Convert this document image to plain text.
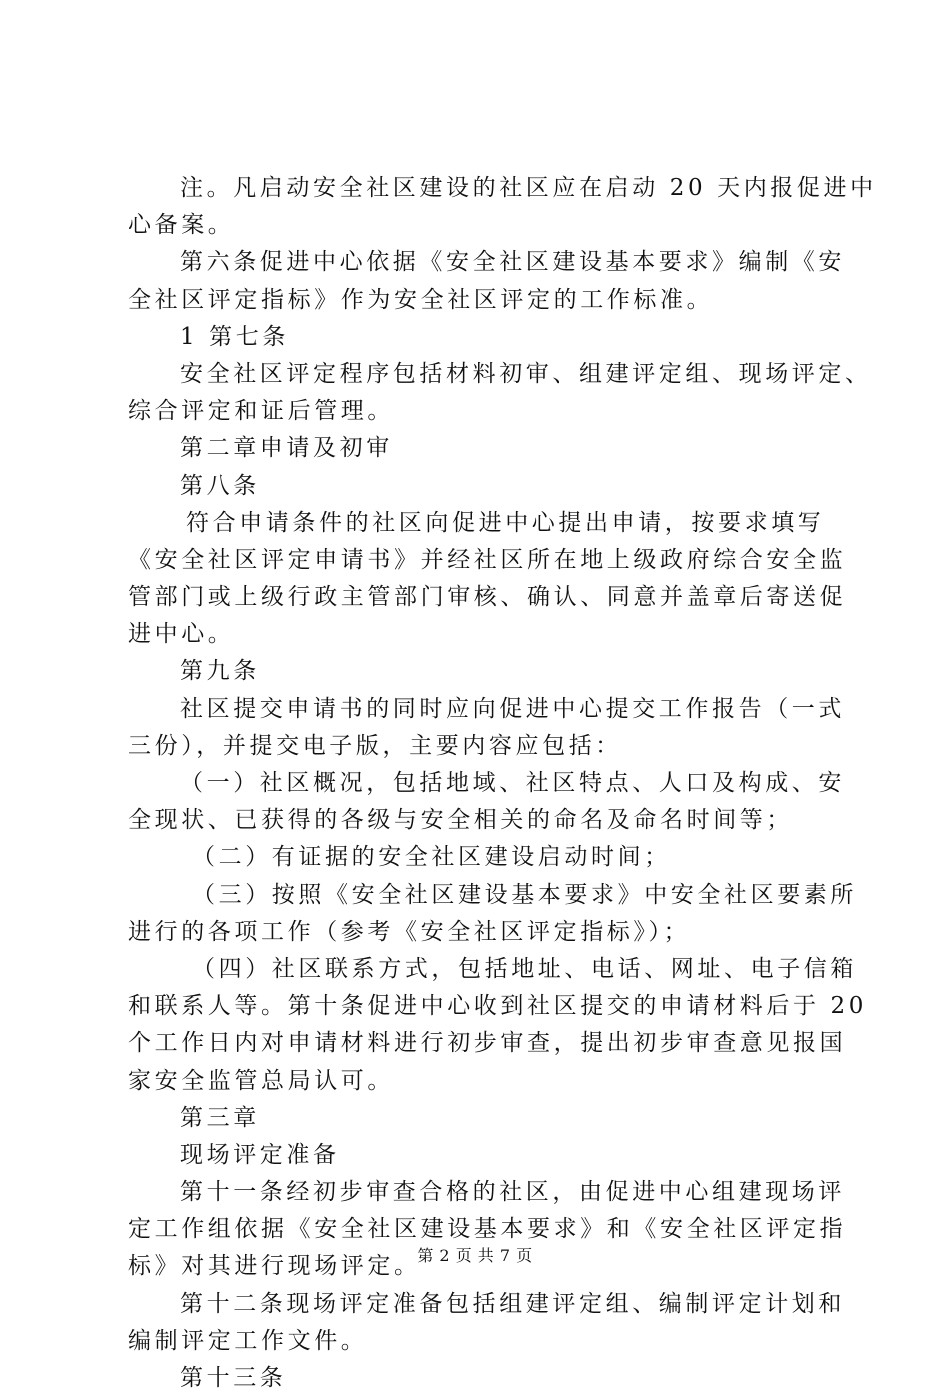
注。凡启动安全社区建设的社区应在启动 20 天内报促进中
心备案。
第六条促进中心依据《安全社区建设基本要求》编制《安
全社区评定指标》作为安全社区评定的工作标准。
1 第七条
安全社区评定程序包括材料初审、组建评定组、现场评定、
综合评定和证后管理。
第二章申请及初审
第八条
符合申请条件的社区向促进中心提出申请，按要求填写
《安全社区评定申请书》并经社区所在地上级政府综合安全监
管部门或上级行政主管部门审核、确认、同意并盖章后寄送促
进中心。
第九条
社区提交申请书的同时应向促进中心提交工作报告（一式
三份），并提交电子版，主要内容应包括：
（一）社区概况，包括地域、社区特点、人口及构成、安
全现状、已获得的各级与安全相关的命名及命名时间等；
（二）有证据的安全社区建设启动时间；
（三）按照《安全社区建设基本要求》中安全社区要素所
进行的各项工作（参考《安全社区评定指标》）；
（四）社区联系方式，包括地址、电话、网址、电子信箱
和联系人等。第十条促进中心收到社区提交的申请材料后于 20
个工作日内对申请材料进行初步审查，提出初步审查意见报国
家安全监管总局认可。
第三章
现场评定准备
第十一条经初步审查合格的社区，由促进中心组建现场评
定工作组依据《安全社区建设基本要求》和《安全社区评定指
标》对其进行现场评定。
第十二条现场评定准备包括组建评定组、编制评定计划和
编制评定工作文件。
第十三条
第 2 页 共 7 页
